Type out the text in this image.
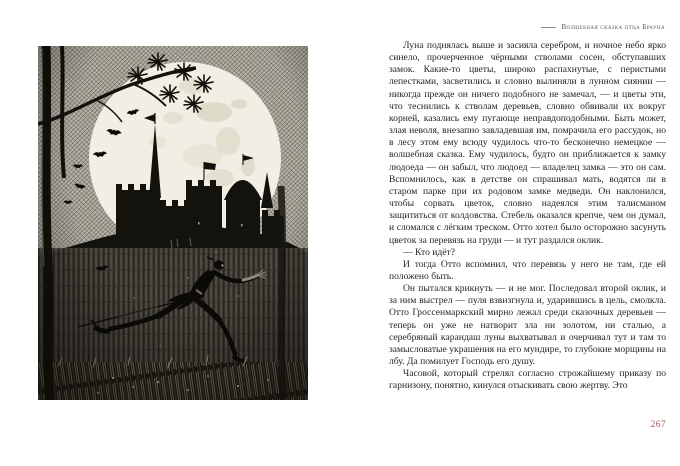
Волшебная сказка отца Брауна

Луна поднялась выше и засияла серебром, и ночное небо ярко синело, прочерченное чёрными стволами сосен, обступавших замок. Какие-то цветы, широко распахнутые, с перистыми лепестками, засветились и словно вылиняли в лунном сиянии — никогда прежде он ничего подобного не замечал, — и цветы эти, что теснились к стволам деревьев, словно обвивали их вокруг корней, казались ему пугающе неправдоподобными. Быть может, злая неволя, внезапно завладевшая им, помрачила его рассудок, но в лесу этом ему всюду чудилось что-то бесконечно немецкое — волшебная сказка. Ему чудилось, будто он приближается к замку людоеда — он забыл, что людоед — владелец замка — это он сам. Вспомнилось, как в детстве он спрашивал мать, водятся ли в старом парке при их родовом замке медведи. Он наклонился, чтобы сорвать цветок, словно надеялся этим талисманом защититься от колдовства. Стебель оказался крепче, чем он думал, и сломался с лёгким треском. Отто хотел было осторожно засунуть цветок за перевязь на груди — и тут раздался оклик.

— Кто идёт?

И тогда Отто вспомнил, что перевязь у него не там, где ей положено быть.

Он пытался крикнуть — и не мог. Последовал второй оклик, и за ним выстрел — пуля взвизгнула и, ударившись в цель, смолкла. Отто Гроссенмаркский мирно лежал среди сказочных деревьев — теперь он уже не натворит зла ни золотом, ни сталью, а серебряный карандаш луны выхватывал и очерчивал тут и там то замысловатые украшения на его мундире, то глубокие морщины на лбу. Да помилует Господь его душу.

Часовой, который стрелял согласно строжайшему приказу по гарнизону, понятно, кинулся отыскивать свою жертву. Это

267
